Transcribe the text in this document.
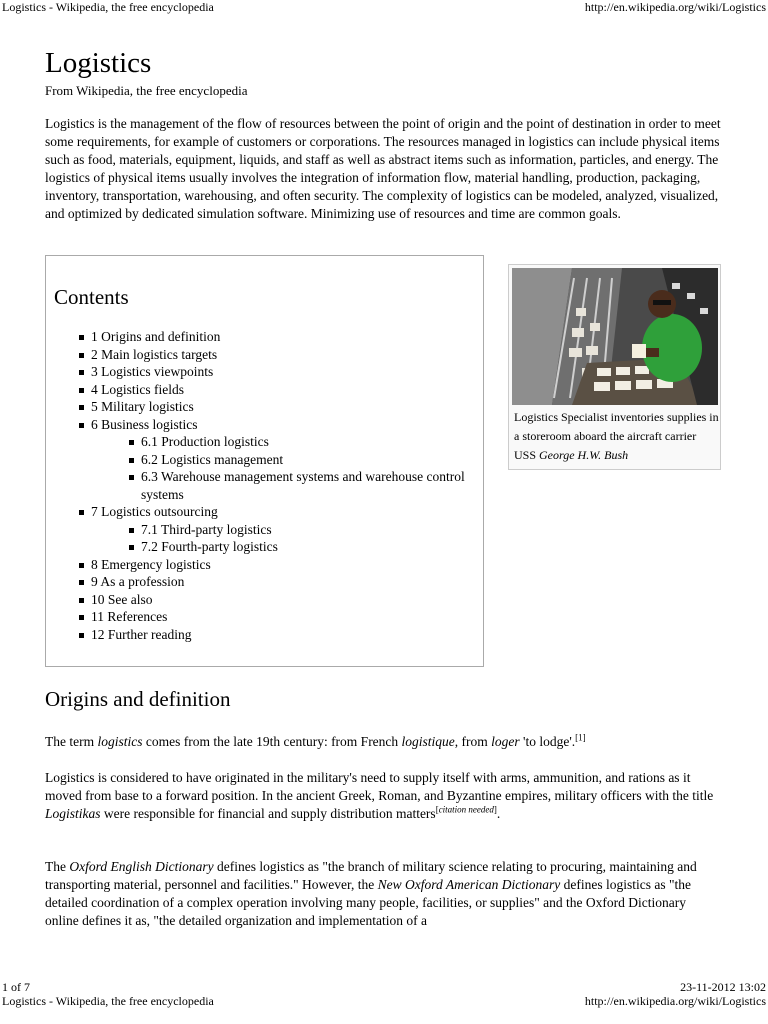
Logistics - Wikipedia, the free encyclopedia	http://en.wikipedia.org/wiki/Logistics
Logistics
From Wikipedia, the free encyclopedia

Logistics is the management of the flow of resources between the point of origin and the point of destination in order to meet some requirements, for example of customers or corporations. The resources managed in logistics can include physical items such as food, materials, equipment, liquids, and staff as well as abstract items such as information, particles, and energy. The logistics of physical items usually involves the integration of information flow, material handling, production, packaging, inventory, transportation, warehousing, and often security. The complexity of logistics can be modeled, analyzed, visualized, and optimized by dedicated simulation software. Minimizing use of resources and time are common goals.

Contents
1 Origins and definition
2 Main logistics targets
3 Logistics viewpoints
4 Logistics fields
5 Military logistics
6 Business logistics
6.1 Production logistics
6.2 Logistics management
6.3 Warehouse management systems and warehouse control systems
7 Logistics outsourcing
7.1 Third-party logistics
7.2 Fourth-party logistics
8 Emergency logistics
9 As a profession
10 See also
11 References
12 Further reading
Logistics Specialist inventories supplies in a storeroom aboard the aircraft carrier USS George H.W. Bush
Origins and definition

The term logistics comes from the late 19th century: from French logistique, from loger 'to lodge'.[1]

Logistics is considered to have originated in the military's need to supply itself with arms, ammunition, and rations as it moved from base to a forward position. In the ancient Greek, Roman, and Byzantine empires, military officers with the title Logistikas were responsible for financial and supply distribution matters[citation needed].

The Oxford English Dictionary defines logistics as "the branch of military science relating to procuring, maintaining and transporting material, personnel and facilities." However, the New Oxford American Dictionary defines logistics as "the detailed coordination of a complex operation involving many people, facilities, or supplies" and the Oxford Dictionary online defines it as, "the detailed organization and implementation of a

1 of 7	23-11-2012 13:02
Logistics - Wikipedia, the free encyclopedia	http://en.wikipedia.org/wiki/Logistics
